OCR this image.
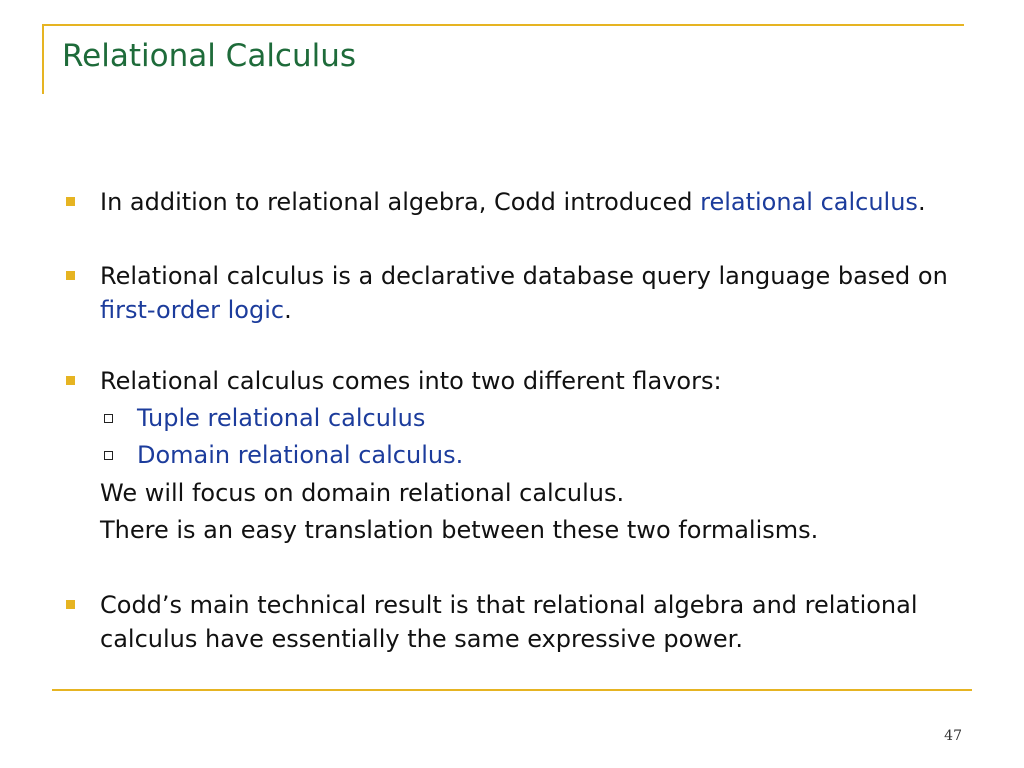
Relational Calculus
In addition to relational algebra, Codd introduced relational calculus.
Relational calculus is a declarative database query language based on first-order logic.
Relational calculus comes into two different flavors:
Tuple relational calculus
Domain relational calculus.
We will focus on domain relational calculus.
There is an easy translation between these two formalisms.
Codd’s main technical result is that relational algebra and relational calculus have essentially the same expressive power.
47
